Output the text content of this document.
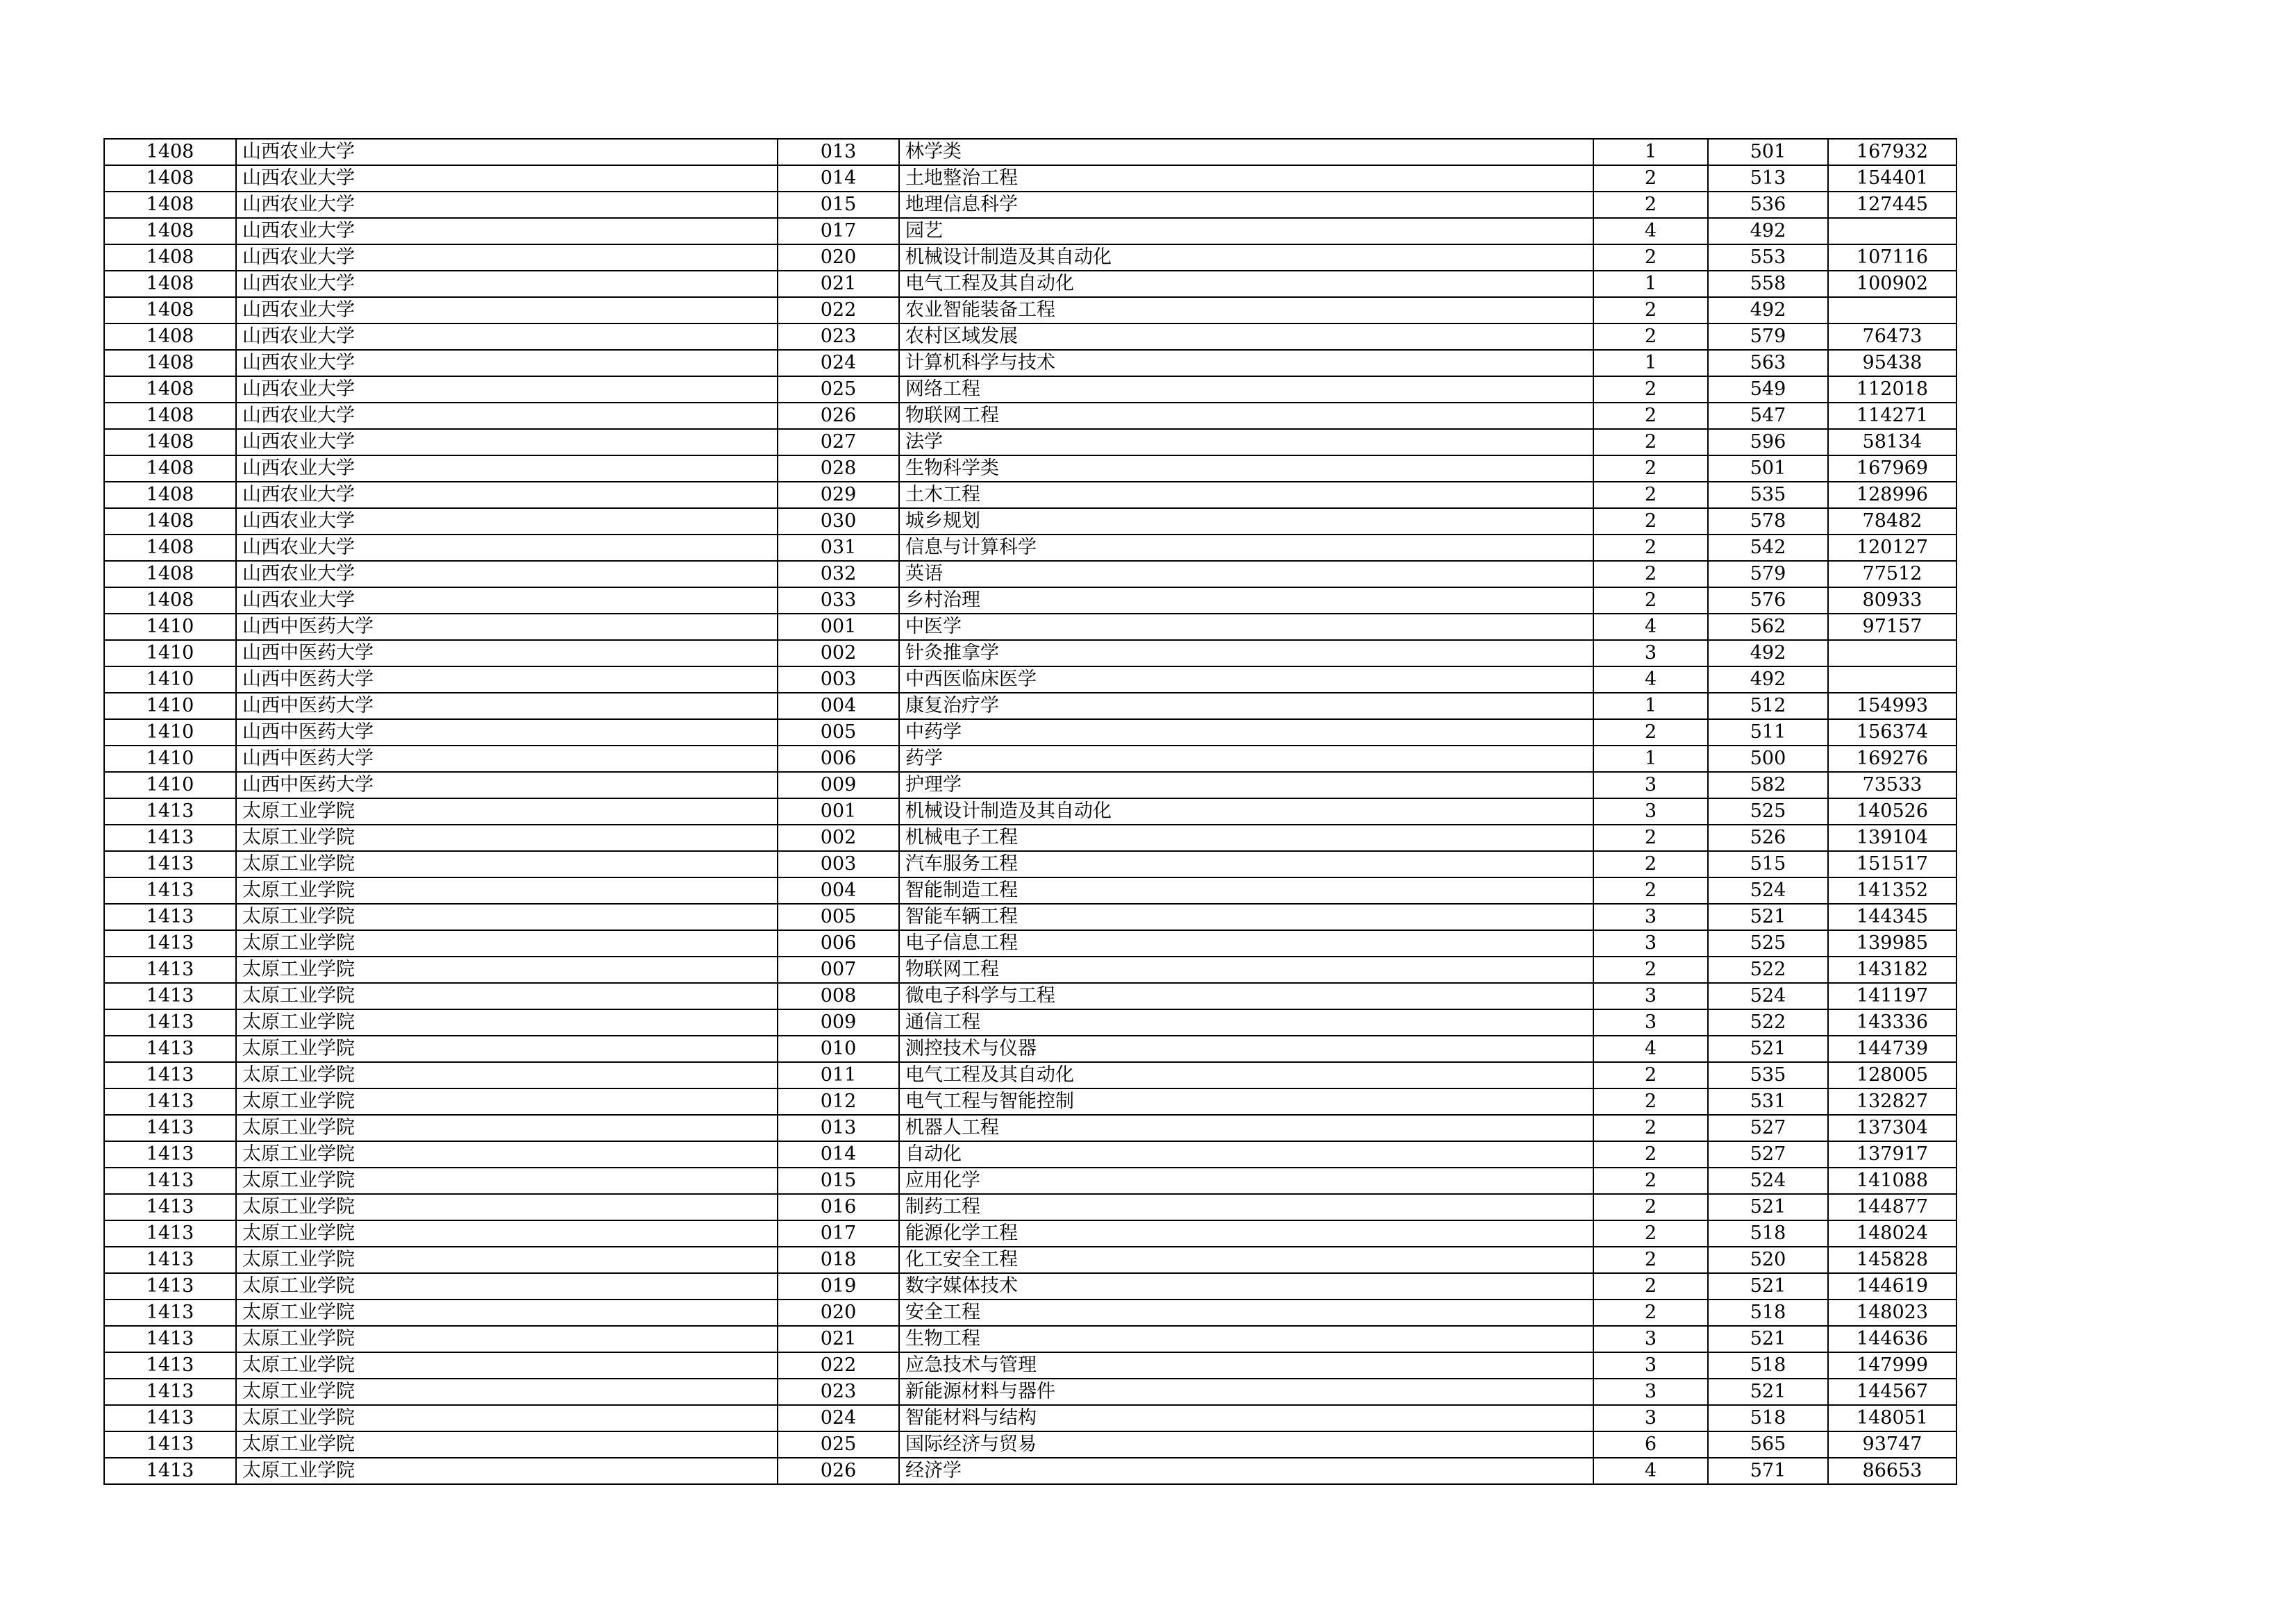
1408	山西农业大学	013	林学类	1	501	167932
1408	山西农业大学	014	土地整治工程	2	513	154401
1408	山西农业大学	015	地理信息科学	2	536	127445
1408	山西农业大学	017	园艺	4	492	
1408	山西农业大学	020	机械设计制造及其自动化	2	553	107116
1408	山西农业大学	021	电气工程及其自动化	1	558	100902
1408	山西农业大学	022	农业智能装备工程	2	492	
1408	山西农业大学	023	农村区域发展	2	579	76473
1408	山西农业大学	024	计算机科学与技术	1	563	95438
1408	山西农业大学	025	网络工程	2	549	112018
1408	山西农业大学	026	物联网工程	2	547	114271
1408	山西农业大学	027	法学	2	596	58134
1408	山西农业大学	028	生物科学类	2	501	167969
1408	山西农业大学	029	土木工程	2	535	128996
1408	山西农业大学	030	城乡规划	2	578	78482
1408	山西农业大学	031	信息与计算科学	2	542	120127
1408	山西农业大学	032	英语	2	579	77512
1408	山西农业大学	033	乡村治理	2	576	80933
1410	山西中医药大学	001	中医学	4	562	97157
1410	山西中医药大学	002	针灸推拿学	3	492	
1410	山西中医药大学	003	中西医临床医学	4	492	
1410	山西中医药大学	004	康复治疗学	1	512	154993
1410	山西中医药大学	005	中药学	2	511	156374
1410	山西中医药大学	006	药学	1	500	169276
1410	山西中医药大学	009	护理学	3	582	73533
1413	太原工业学院	001	机械设计制造及其自动化	3	525	140526
1413	太原工业学院	002	机械电子工程	2	526	139104
1413	太原工业学院	003	汽车服务工程	2	515	151517
1413	太原工业学院	004	智能制造工程	2	524	141352
1413	太原工业学院	005	智能车辆工程	3	521	144345
1413	太原工业学院	006	电子信息工程	3	525	139985
1413	太原工业学院	007	物联网工程	2	522	143182
1413	太原工业学院	008	微电子科学与工程	3	524	141197
1413	太原工业学院	009	通信工程	3	522	143336
1413	太原工业学院	010	测控技术与仪器	4	521	144739
1413	太原工业学院	011	电气工程及其自动化	2	535	128005
1413	太原工业学院	012	电气工程与智能控制	2	531	132827
1413	太原工业学院	013	机器人工程	2	527	137304
1413	太原工业学院	014	自动化	2	527	137917
1413	太原工业学院	015	应用化学	2	524	141088
1413	太原工业学院	016	制药工程	2	521	144877
1413	太原工业学院	017	能源化学工程	2	518	148024
1413	太原工业学院	018	化工安全工程	2	520	145828
1413	太原工业学院	019	数字媒体技术	2	521	144619
1413	太原工业学院	020	安全工程	2	518	148023
1413	太原工业学院	021	生物工程	3	521	144636
1413	太原工业学院	022	应急技术与管理	3	518	147999
1413	太原工业学院	023	新能源材料与器件	3	521	144567
1413	太原工业学院	024	智能材料与结构	3	518	148051
1413	太原工业学院	025	国际经济与贸易	6	565	93747
1413	太原工业学院	026	经济学	4	571	86653
